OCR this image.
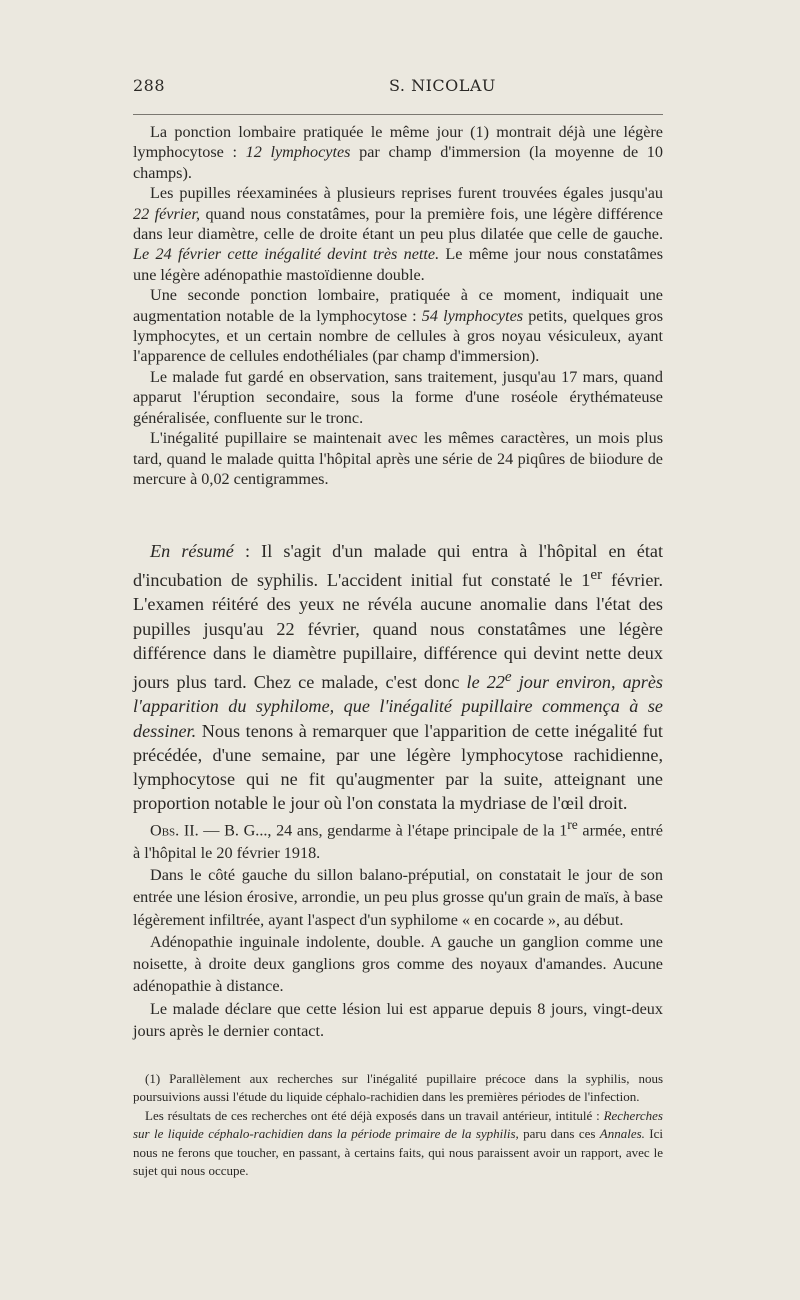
288	S. NICOLAU

La ponction lombaire pratiquée le même jour (1) montrait déjà une légère lymphocytose : 12 lymphocytes par champ d'immersion (la moyenne de 10 champs).

Les pupilles réexaminées à plusieurs reprises furent trouvées égales jusqu'au 22 février, quand nous constatâmes, pour la première fois, une légère différence dans leur diamètre, celle de droite étant un peu plus dilatée que celle de gauche. Le 24 février cette inégalité devint très nette. Le même jour nous constatâmes une légère adénopathie mastoïdienne double.

Une seconde ponction lombaire, pratiquée à ce moment, indiquait une augmentation notable de la lymphocytose : 54 lymphocytes petits, quelques gros lymphocytes, et un certain nombre de cellules à gros noyau vésiculeux, ayant l'apparence de cellules endothéliales (par champ d'immersion).

Le malade fut gardé en observation, sans traitement, jusqu'au 17 mars, quand apparut l'éruption secondaire, sous la forme d'une roséole érythémateuse généralisée, confluente sur le tronc.

L'inégalité pupillaire se maintenait avec les mêmes caractères, un mois plus tard, quand le malade quitta l'hôpital après une série de 24 piqûres de biiodure de mercure à 0,02 centigrammes.

En résumé : Il s'agit d'un malade qui entra à l'hôpital en état d'incubation de syphilis. L'accident initial fut constaté le 1er février. L'examen réitéré des yeux ne révéla aucune anomalie dans l'état des pupilles jusqu'au 22 février, quand nous constatâmes une légère différence dans le diamètre pupillaire, différence qui devint nette deux jours plus tard. Chez ce malade, c'est donc le 22e jour environ, après l'apparition du syphilome, que l'inégalité pupillaire commença à se dessiner. Nous tenons à remarquer que l'apparition de cette inégalité fut précédée, d'une semaine, par une légère lymphocytose rachidienne, lymphocytose qui ne fit qu'augmenter par la suite, atteignant une proportion notable le jour où l'on constata la mydriase de l'œil droit.

Obs. II. — B. G..., 24 ans, gendarme à l'étape principale de la 1re armée, entré à l'hôpital le 20 février 1918.

Dans le côté gauche du sillon balano-préputial, on constatait le jour de son entrée une lésion érosive, arrondie, un peu plus grosse qu'un grain de maïs, à base légèrement infiltrée, ayant l'aspect d'un syphilome « en cocarde », au début.

Adénopathie inguinale indolente, double. A gauche un ganglion comme une noisette, à droite deux ganglions gros comme des noyaux d'amandes. Aucune adénopathie à distance.

Le malade déclare que cette lésion lui est apparue depuis 8 jours, vingt-deux jours après le dernier contact.

(1) Parallèlement aux recherches sur l'inégalité pupillaire précoce dans la syphilis, nous poursuivions aussi l'étude du liquide céphalo-rachidien dans les premières périodes de l'infection.

Les résultats de ces recherches ont été déjà exposés dans un travail antérieur, intitulé : Recherches sur le liquide céphalo-rachidien dans la période primaire de la syphilis, paru dans ces Annales. Ici nous ne ferons que toucher, en passant, à certains faits, qui nous paraissent avoir un rapport, avec le sujet qui nous occupe.
